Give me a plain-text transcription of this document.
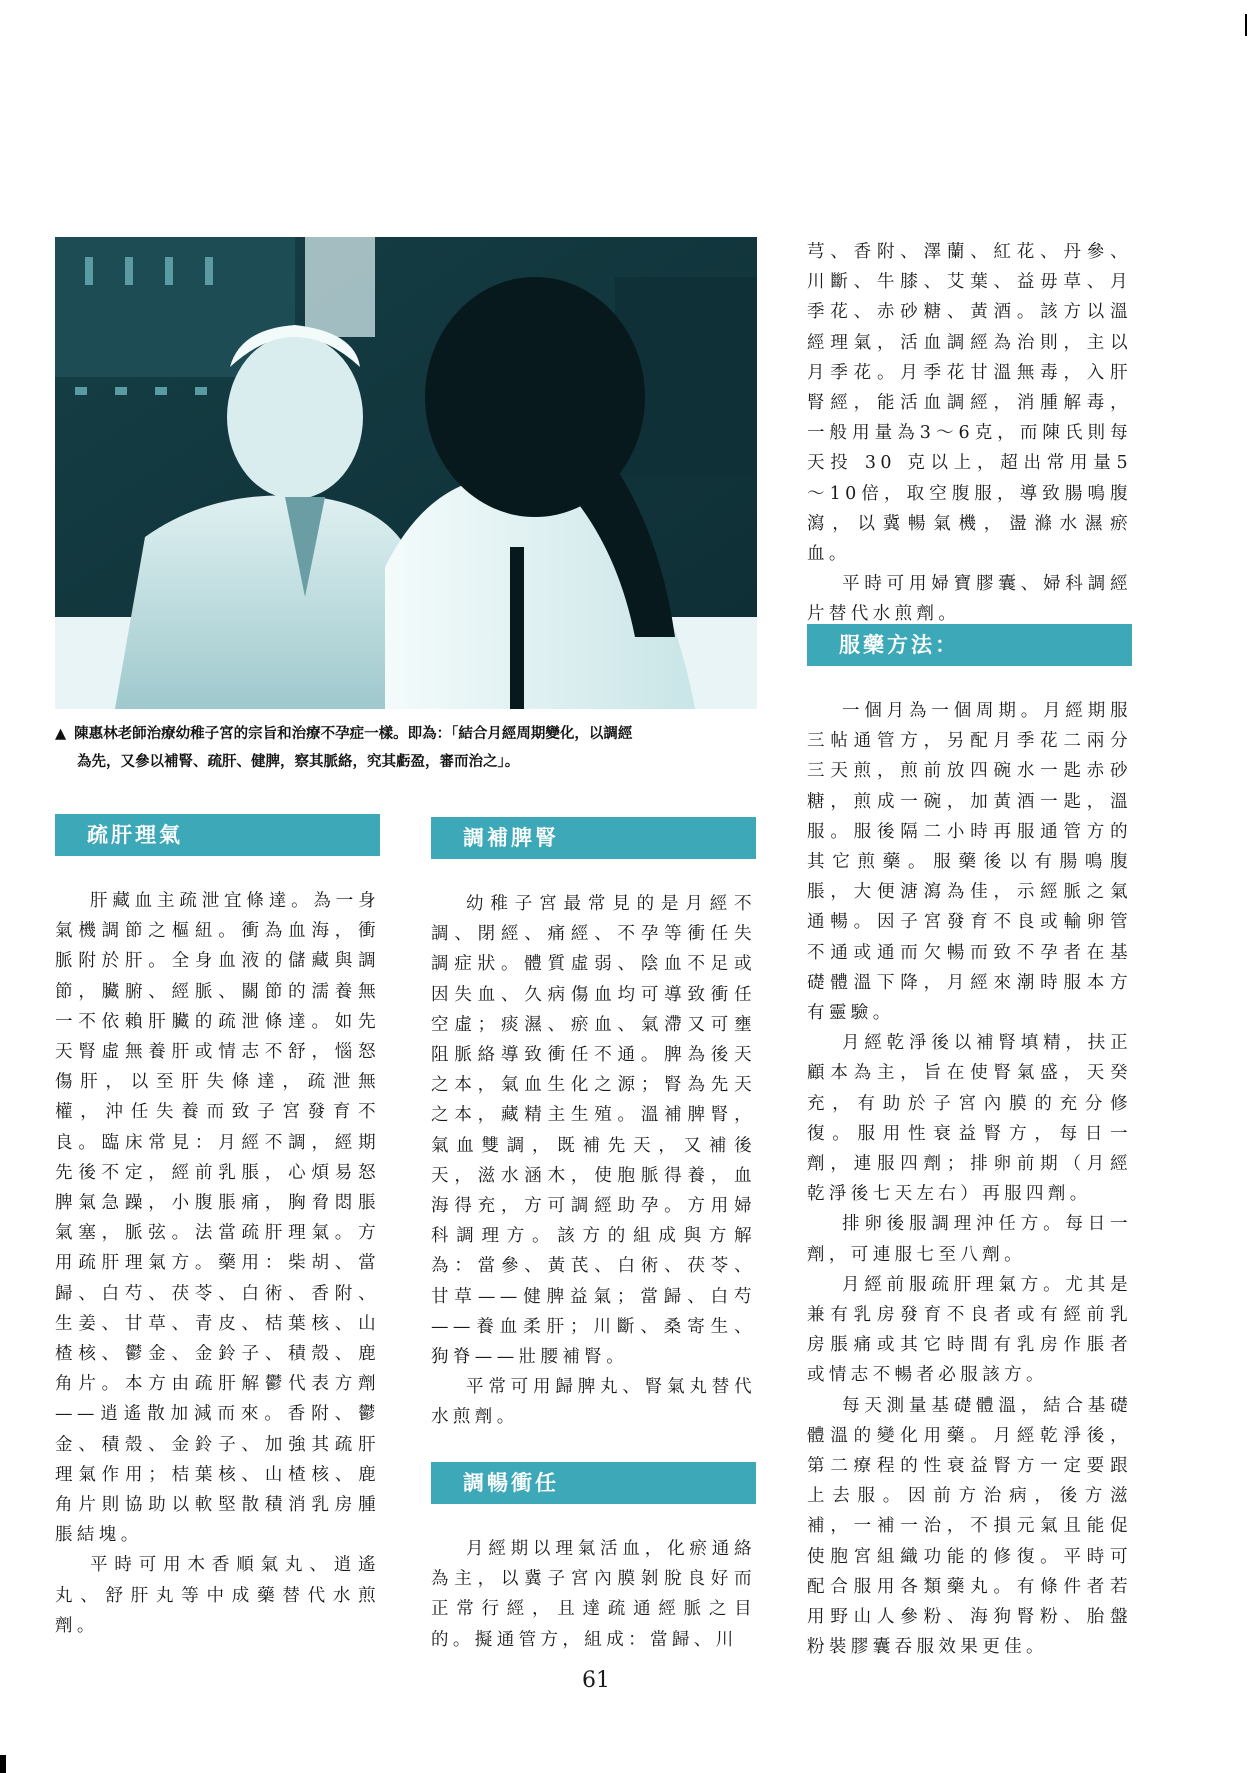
▲ 陳惠林老師治療幼稚子宮的宗旨和治療不孕症一樣。即為：「結合月經周期變化，以調經
為先，又參以補腎、疏肝、健脾，察其脈絡，究其虧盈，審而治之」。
疏肝理氣

肝藏血主疏泄宜條達。為一身氣機調節之樞紐。衝為血海，衝脈附於肝。全身血液的儲藏與調節，臟腑、經脈、關節的濡養無一不依賴肝臟的疏泄條達。如先天腎虛無養肝或情志不舒，惱怒傷肝，以至肝失條達，疏泄無權，沖任失養而致子宮發育不良。臨床常見：月經不調，經期先後不定，經前乳脹，心煩易怒脾氣急躁，小腹脹痛，胸脅悶脹氣塞，脈弦。法當疏肝理氣。方用疏肝理氣方。藥用：柴胡、當歸、白芍、茯苓、白術、香附、生姜、甘草、青皮、桔葉核、山楂核、鬱金、金鈴子、積殼、鹿角片。本方由疏肝解鬱代表方劑——逍遙散加減而來。香附、鬱金、積殼、金鈴子、加強其疏肝理氣作用；桔葉核、山楂核、鹿角片則協助以軟堅散積消乳房腫脹結塊。

平時可用木香順氣丸、逍遙丸、舒肝丸等中成藥替代水煎劑。

調補脾腎

幼稚子宮最常見的是月經不調、閉經、痛經、不孕等衝任失調症狀。體質虛弱、陰血不足或因失血、久病傷血均可導致衝任空虛；痰濕、瘀血、氣滯又可壅阻脈絡導致衝任不通。脾為後天之本，氣血生化之源；腎為先天之本，藏精主生殖。溫補脾腎，氣血雙調，既補先天，又補後天，滋水涵木，使胞脈得養，血海得充，方可調經助孕。方用婦科調理方。該方的組成與方解為：當參、黃芪、白術、茯苓、甘草——健脾益氣；當歸、白芍——養血柔肝；川斷、桑寄生、狗脊——壯腰補腎。

平常可用歸脾丸、腎氣丸替代水煎劑。

調暢衝任

月經期以理氣活血，化瘀通絡為主，以冀子宮內膜剝脫良好而正常行經，且達疏通經脈之目的。擬通管方，組成：當歸、川

芎、香附、澤蘭、紅花、丹參、川斷、牛膝、艾葉、益毋草、月季花、赤砂糖、黃酒。該方以溫經理氣，活血調經為治則，主以月季花。月季花甘溫無毒，入肝腎經，能活血調經，消腫解毒，一般用量為3～6克，而陳氏則每天投 30 克以上，超出常用量5～10倍，取空腹服，導致腸鳴腹瀉，以冀暢氣機，盪滌水濕瘀血。

平時可用婦寶膠囊、婦科調經片替代水煎劑。

服藥方法：

一個月為一個周期。月經期服三帖通管方，另配月季花二兩分三天煎，煎前放四碗水一匙赤砂糖，煎成一碗，加黃酒一匙，溫服。服後隔二小時再服通管方的其它煎藥。服藥後以有腸鳴腹脹，大便溏瀉為佳，示經脈之氣通暢。因子宮發育不良或輸卵管不通或通而欠暢而致不孕者在基礎體溫下降，月經來潮時服本方有靈驗。

月經乾淨後以補腎填精，扶正顧本為主，旨在使腎氣盛，天癸充，有助於子宮內膜的充分修復。服用性衰益腎方，每日一劑，連服四劑；排卵前期（月經乾淨後七天左右）再服四劑。

排卵後服調理沖任方。每日一劑，可連服七至八劑。

月經前服疏肝理氣方。尤其是兼有乳房發育不良者或有經前乳房脹痛或其它時間有乳房作脹者或情志不暢者必服該方。

每天測量基礎體溫，結合基礎體溫的變化用藥。月經乾淨後，第二療程的性衰益腎方一定要跟上去服。因前方治病，後方滋補，一補一治，不損元氣且能促使胞宮組織功能的修復。平時可配合服用各類藥丸。有條件者若用野山人參粉、海狗腎粉、胎盤粉裝膠囊吞服效果更佳。

61
